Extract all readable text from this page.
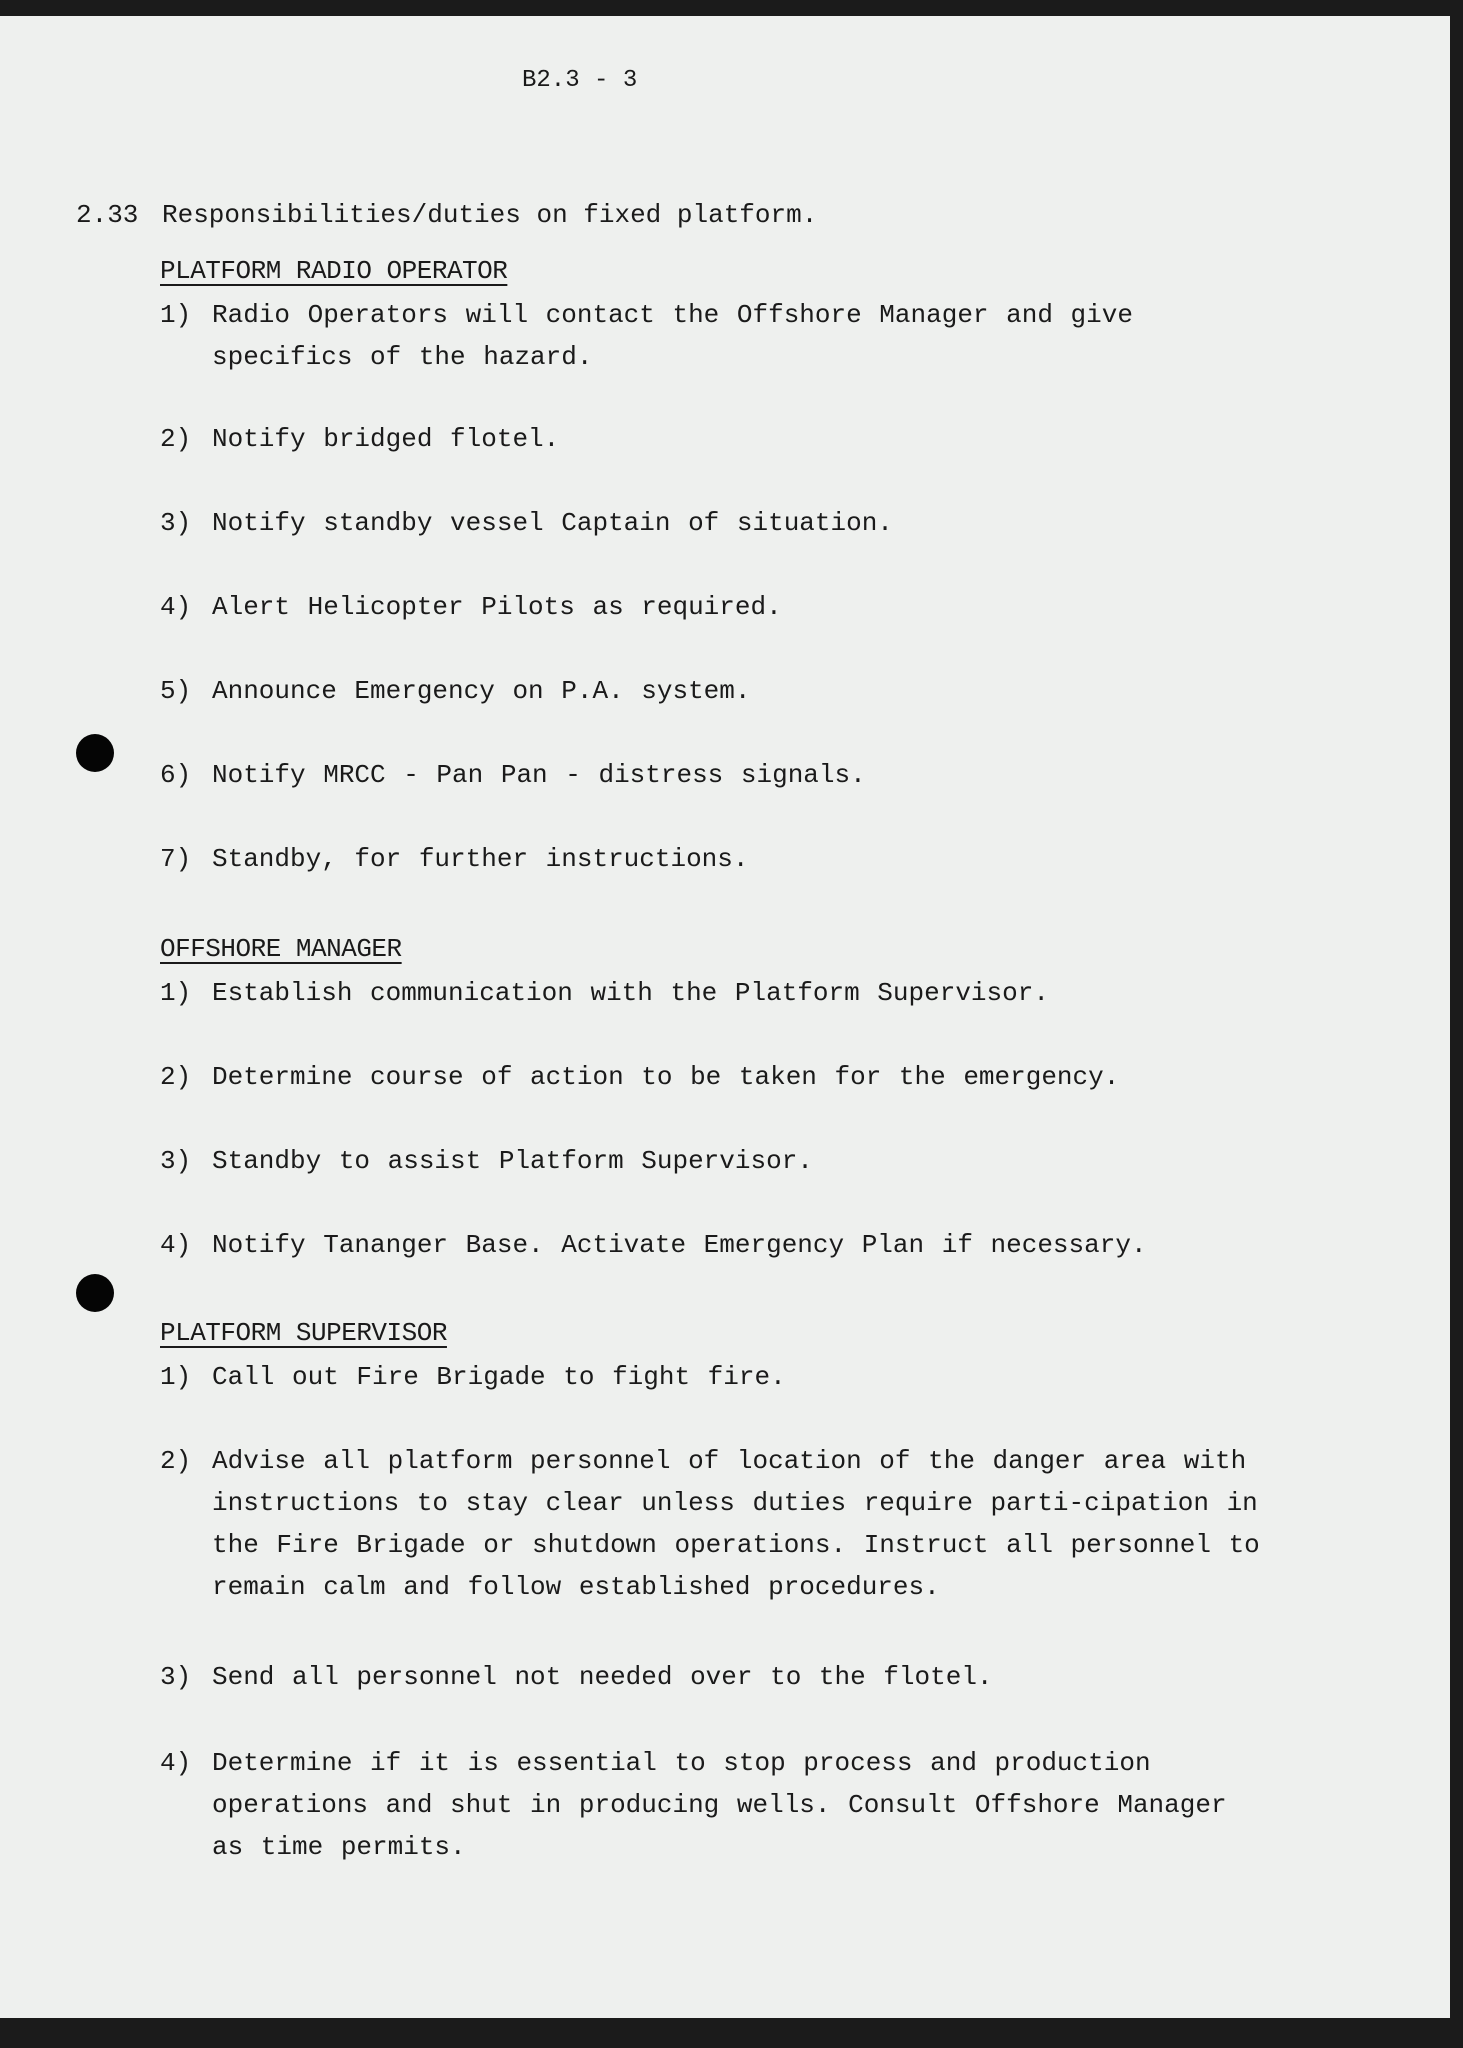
B2.3 - 3
2.33 Responsibilities/duties on fixed platform.
PLATFORM RADIO OPERATOR
1) Radio Operators will contact the Offshore Manager and give specifics of the hazard.
2) Notify bridged flotel.
3) Notify standby vessel Captain of situation.
4) Alert Helicopter Pilots as required.
5) Announce Emergency on P.A. system.
6) Notify MRCC - Pan Pan - distress signals.
7) Standby, for further instructions.
OFFSHORE MANAGER
1) Establish communication with the Platform Supervisor.
2) Determine course of action to be taken for the emergency.
3) Standby to assist Platform Supervisor.
4) Notify Tananger Base. Activate Emergency Plan if necessary.
PLATFORM SUPERVISOR
1) Call out Fire Brigade to fight fire.
2) Advise all platform personnel of location of the danger area with instructions to stay clear unless duties require parti-cipation in the Fire Brigade or shutdown operations. Instruct all personnel to remain calm and follow established procedures.
3) Send all personnel not needed over to the flotel.
4) Determine if it is essential to stop process and production operations and shut in producing wells. Consult Offshore Manager as time permits.
